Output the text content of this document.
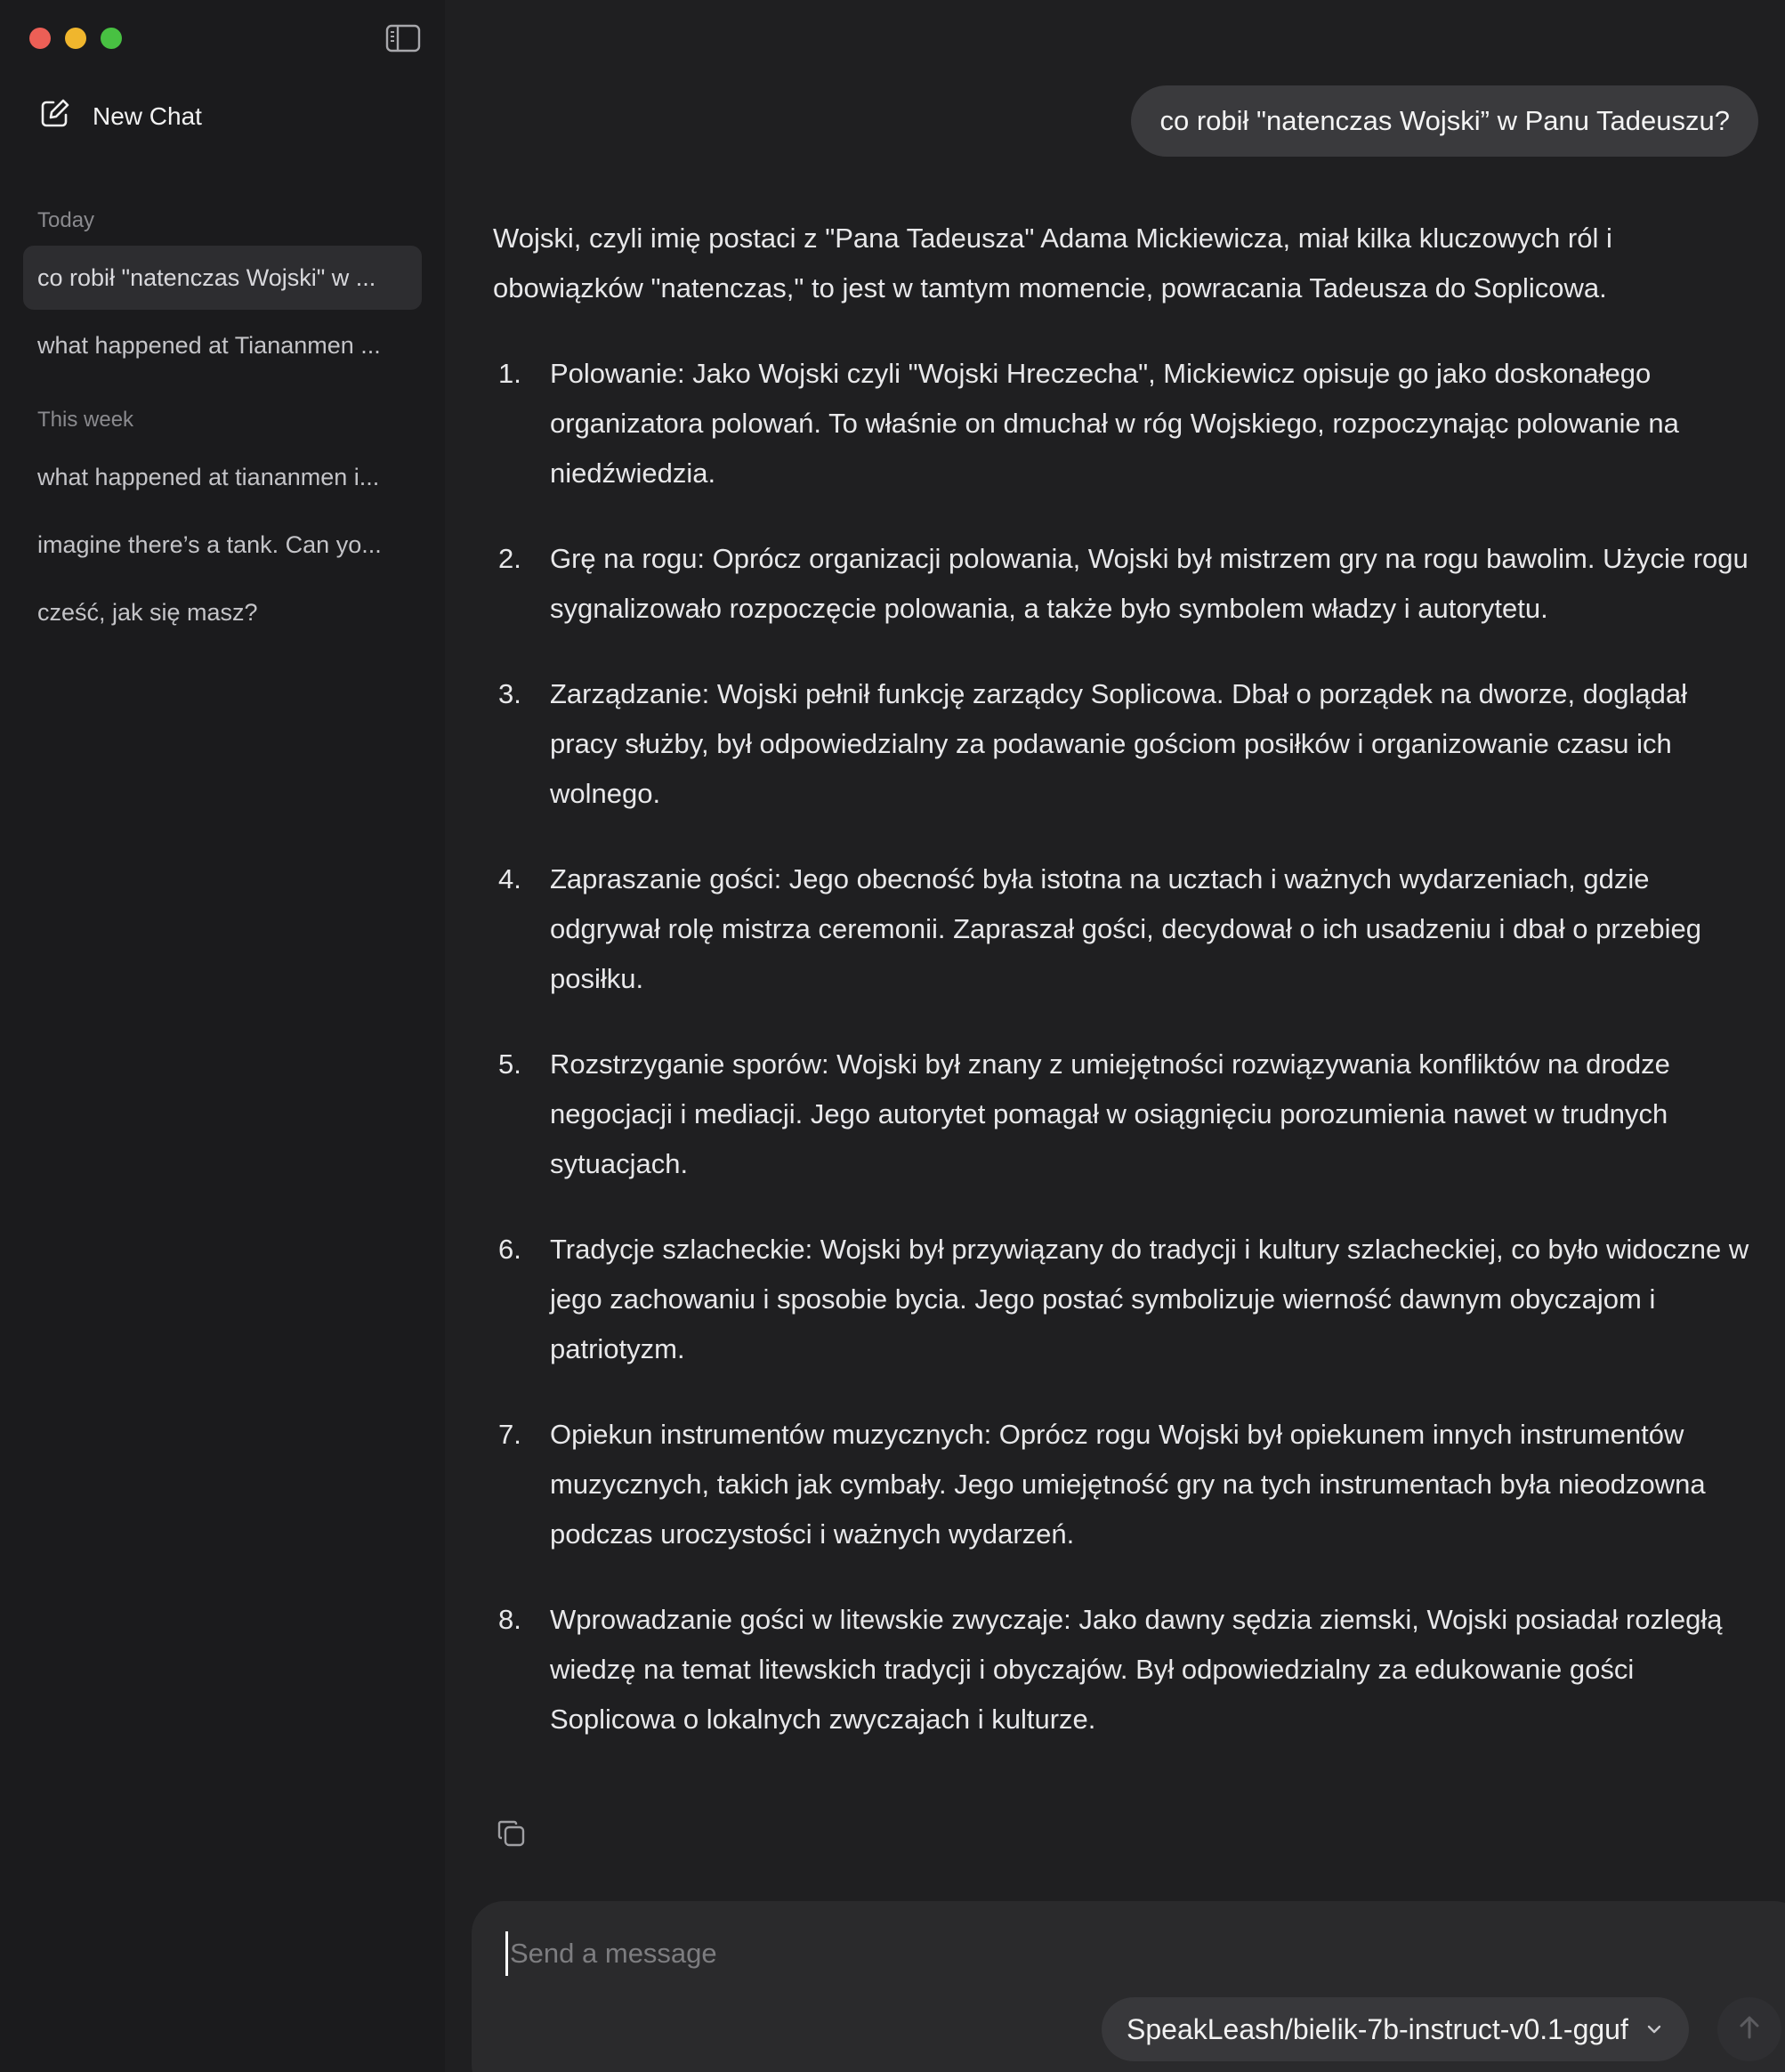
New Chat
Today
co robił "natenczas Wojski" w ...
what happened at Tiananmen ...
This week
what happened at tiananmen i...
imagine there’s a tank. Can yo...
cześć, jak się masz?
co robił "natenczas Wojski” w Panu Tadeuszu?

Wojski, czyli imię postaci z "Pana Tadeusza" Adama Mickiewicza, miał kilka kluczowych ról i obowiązków "natenczas," to jest w tamtym momencie, powracania Tadeusza do Soplicowa.

1.	Polowanie: Jako Wojski czyli "Wojski Hreczecha", Mickiewicz opisuje go jako doskonałego organizatora polowań. To właśnie on dmuchał w róg Wojskiego, rozpoczynając polowanie na niedźwiedzia.
2.	Grę na rogu: Oprócz organizacji polowania, Wojski był mistrzem gry na rogu bawolim. Użycie rogu sygnalizowało rozpoczęcie polowania, a także było symbolem władzy i autorytetu.
3.	Zarządzanie: Wojski pełnił funkcję zarządcy Soplicowa. Dbał o porządek na dworze, doglądał pracy służby, był odpowiedzialny za podawanie gościom posiłków i organizowanie czasu ich wolnego.
4.	Zapraszanie gości: Jego obecność była istotna na ucztach i ważnych wydarzeniach, gdzie odgrywał rolę mistrza ceremonii. Zapraszał gości, decydował o ich usadzeniu i dbał o przebieg posiłku.
5.	Rozstrzyganie sporów: Wojski był znany z umiejętności rozwiązywania konfliktów na drodze negocjacji i mediacji. Jego autorytet pomagał w osiągnięciu porozumienia nawet w trudnych sytuacjach.
6.	Tradycje szlacheckie: Wojski był przywiązany do tradycji i kultury szlacheckiej, co było widoczne w jego zachowaniu i sposobie bycia. Jego postać symbolizuje wierność dawnym obyczajom i patriotyzm.
7.	Opiekun instrumentów muzycznych: Oprócz rogu Wojski był opiekunem innych instrumentów muzycznych, takich jak cymbały. Jego umiejętność gry na tych instrumentach była nieodzowna podczas uroczystości i ważnych wydarzeń.
8.	Wprowadzanie gości w litewskie zwyczaje: Jako dawny sędzia ziemski, Wojski posiadał rozległą wiedzę na temat litewskich tradycji i obyczajów. Był odpowiedzialny za edukowanie gości Soplicowa o lokalnych zwyczajach i kulturze.
Send a message
SpeakLeash/bielik-7b-instruct-v0.1-gguf
